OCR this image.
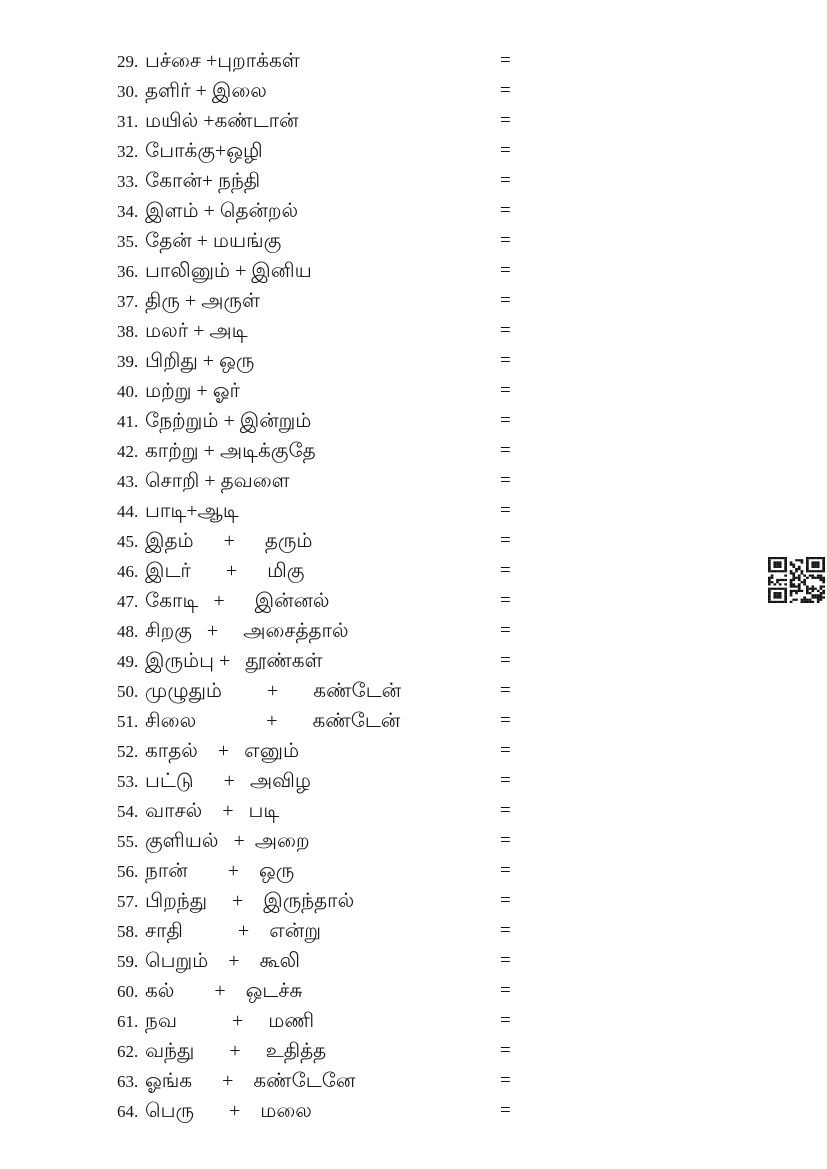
29. பச்சை +புறாக்கள்	=
30. தளிர் + இலை	=
31. மயில் +கண்டான்	=
32. போக்கு+ஒழி	=
33. கோன்+ நந்தி	=
34. இளம் + தென்றல்	=
35. தேன் + மயங்கு	=
36. பாலினும் + இனிய	=
37. திரு + அருள்	=
38. மலர் + அடி	=
39. பிறிது + ஒரு	=
40. மற்று + ஓர்	=
41. நேற்றும் + இன்றும்	=
42. காற்று + அடிக்குதே	=
43. சொறி + தவளை	=
44. பாடி+ஆடி	=
45. இதம்      +      தரும்	=
46. இடர்       +      மிகு	=
47. கோடி   +      இன்னல்	=
48. சிறகு   +     அசைத்தால்	=
49. இரும்பு +   தூண்கள்	=
50. முழுதும்         +       கண்டேன்	=
51. சிலை              +       கண்டேன்	=
52. காதல்    +   எனும்	=
53. பட்டு      +   அவிழ	=
54. வாசல்    +   படி	=
55. குளியல்   +  அறை	=
56. நான்        +    ஒரு	=
57. பிறந்து     +    இருந்தால்	=
58. சாதி           +    என்று	=
59. பெறும்    +    கூலி	=
60. கல்        +    ஒடச்சு	=
61. நவ           +     மணி	=
62. வந்து       +     உதித்த	=
63. ஓங்க      +    கண்டேனே	=
64. பெரு       +    மலை	=
